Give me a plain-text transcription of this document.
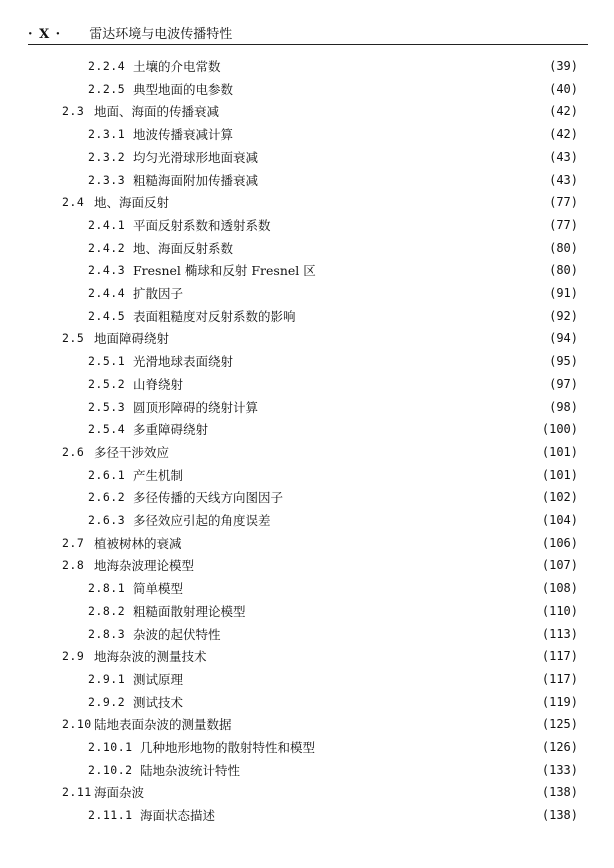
· X · 雷达环境与电波传播特性
2.2.4 土壤的介电常数	(39)
2.2.5 典型地面的电参数	(40)
2.3 地面、海面的传播衰减	(42)
2.3.1 地波传播衰减计算	(42)
2.3.2 均匀光滑球形地面衰减	(43)
2.3.3 粗糙海面附加传播衰减	(43)
2.4 地、海面反射	(77)
2.4.1 平面反射系数和透射系数	(77)
2.4.2 地、海面反射系数	(80)
2.4.3 Fresnel 椭球和反射 Fresnel 区	(80)
2.4.4 扩散因子	(91)
2.4.5 表面粗糙度对反射系数的影响	(92)
2.5 地面障碍绕射	(94)
2.5.1 光滑地球表面绕射	(95)
2.5.2 山脊绕射	(97)
2.5.3 圆顶形障碍的绕射计算	(98)
2.5.4 多重障碍绕射	(100)
2.6 多径干涉效应	(101)
2.6.1 产生机制	(101)
2.6.2 多径传播的天线方向图因子	(102)
2.6.3 多径效应引起的角度误差	(104)
2.7 植被树林的衰减	(106)
2.8 地海杂波理论模型	(107)
2.8.1 简单模型	(108)
2.8.2 粗糙面散射理论模型	(110)
2.8.3 杂波的起伏特性	(113)
2.9 地海杂波的测量技术	(117)
2.9.1 测试原理	(117)
2.9.2 测试技术	(119)
2.10 陆地表面杂波的测量数据	(125)
2.10.1 几种地形地物的散射特性和模型	(126)
2.10.2 陆地杂波统计特性	(133)
2.11 海面杂波	(138)
2.11.1 海面状态描述	(138)
